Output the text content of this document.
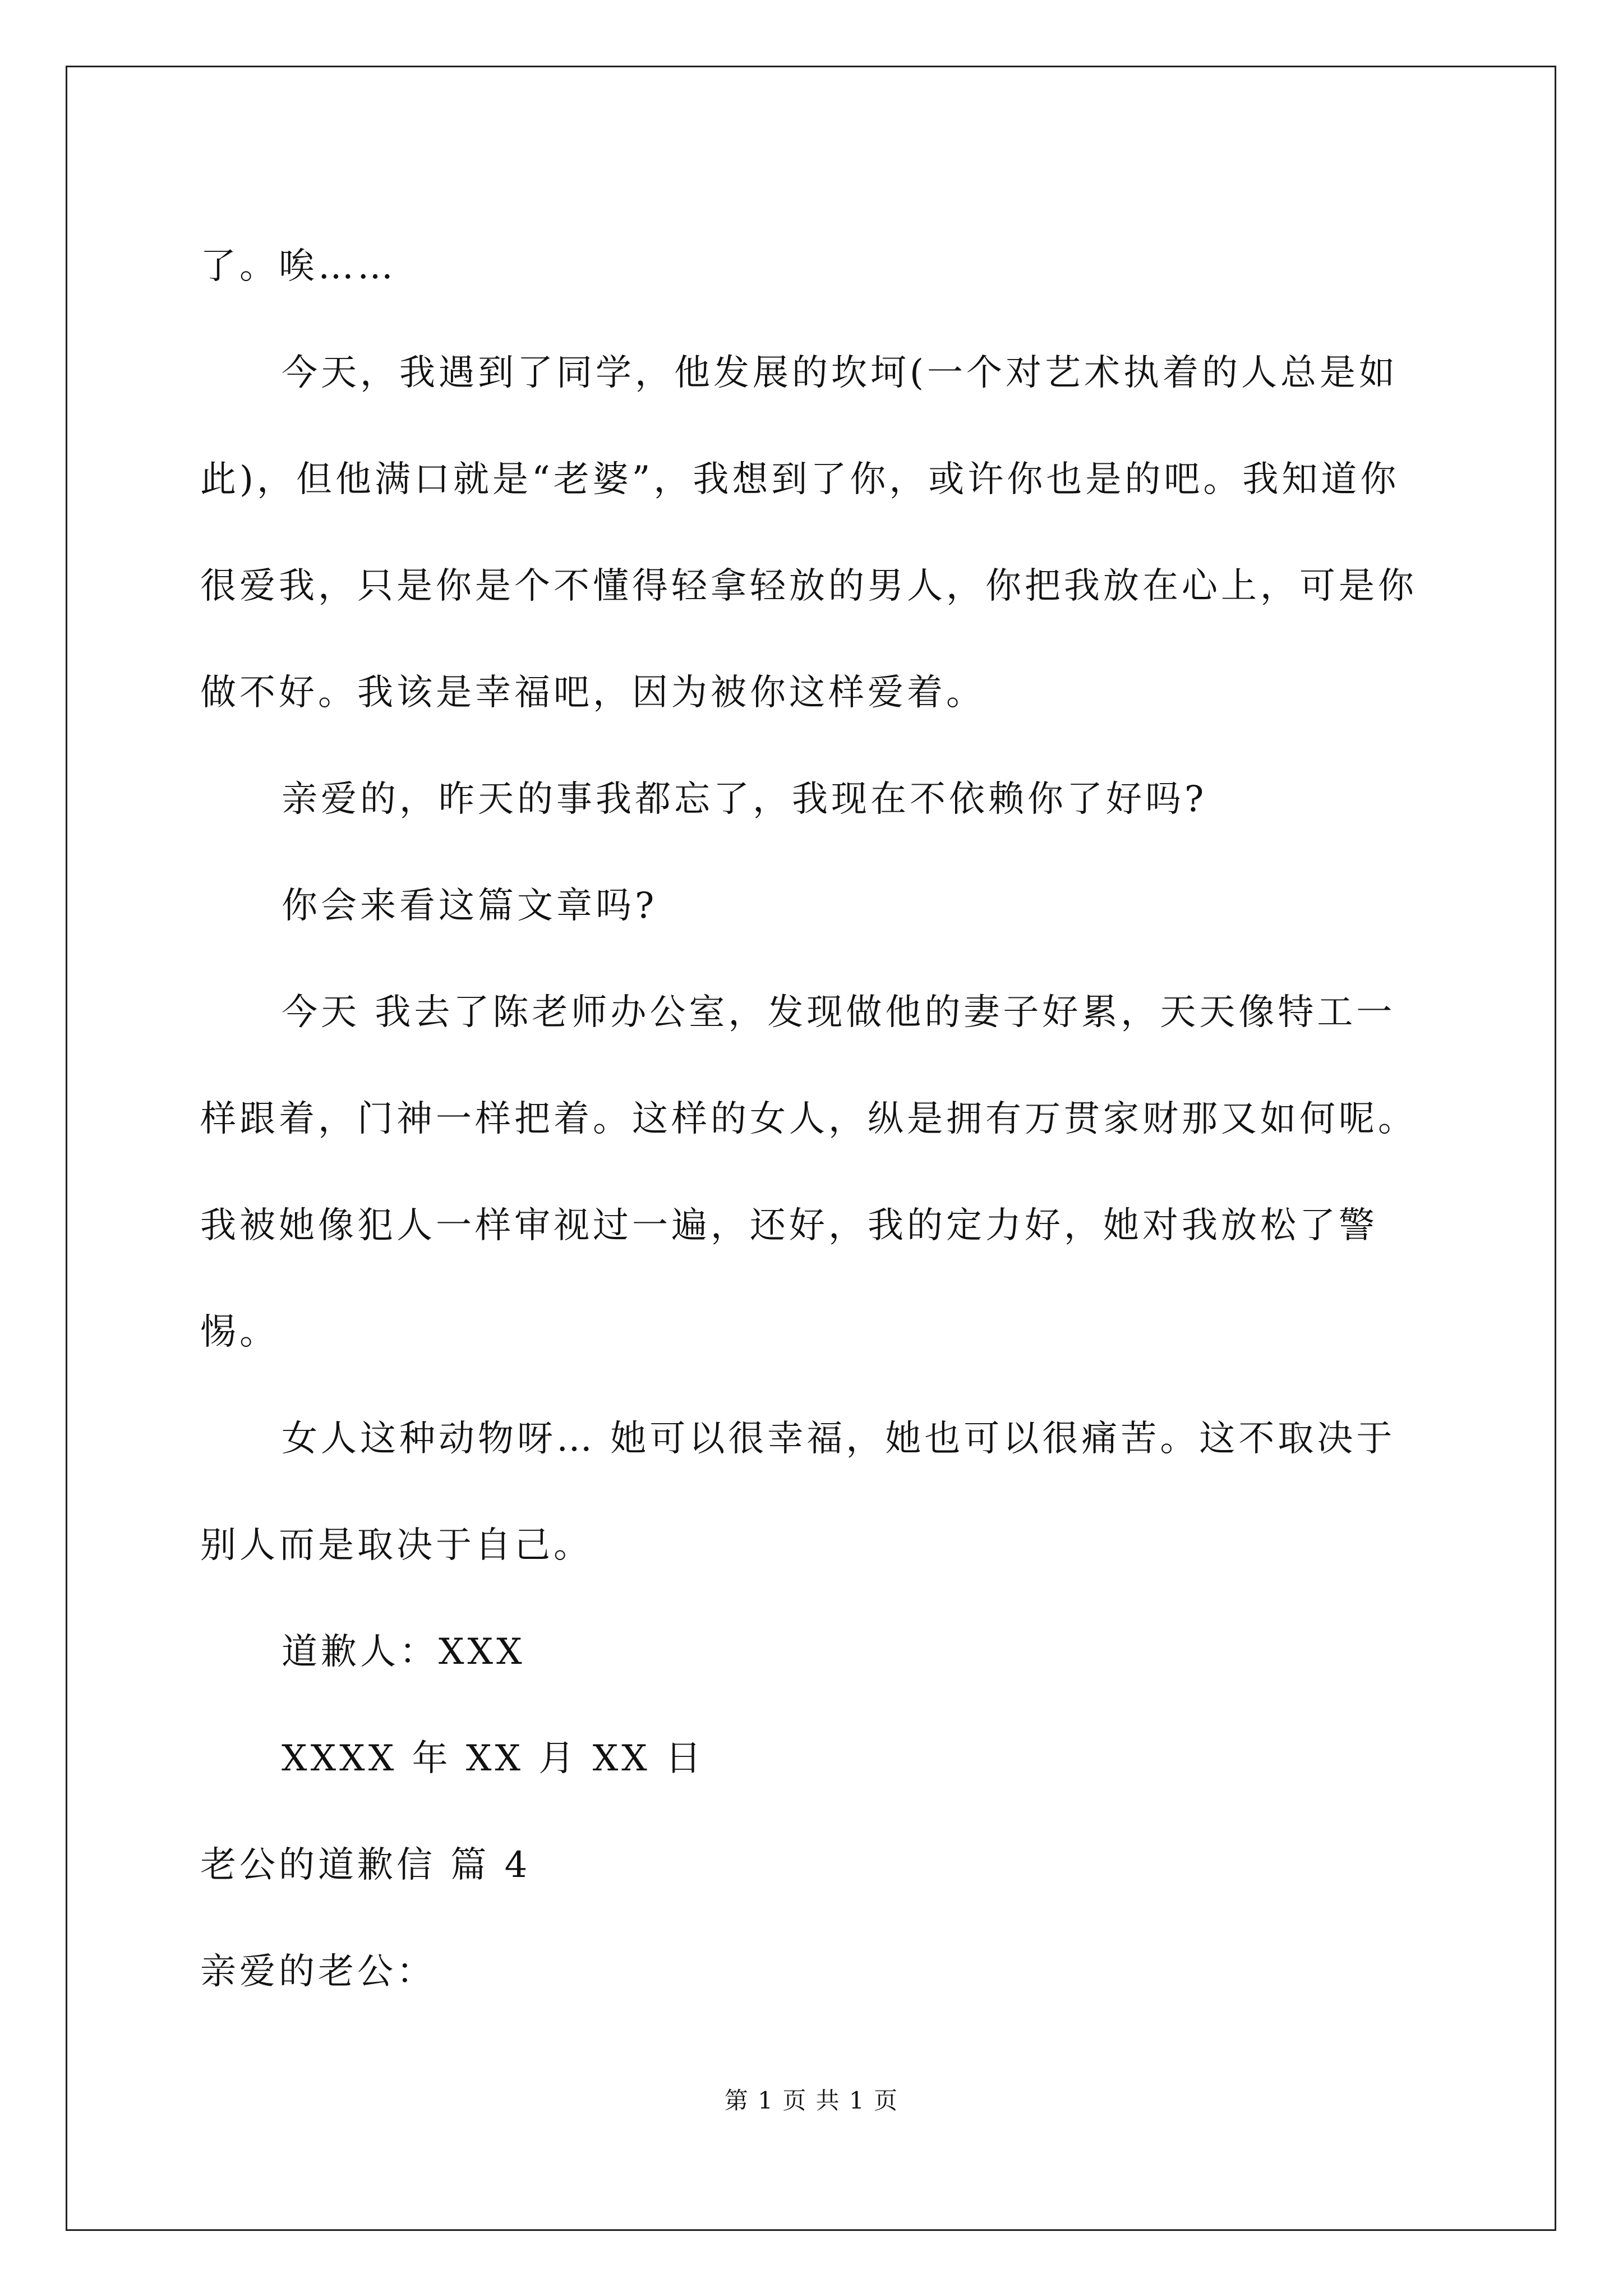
了。唉……

今天，我遇到了同学，他发展的坎坷(一个对艺术执着的人总是如此)，但他满口就是“老婆”，我想到了你，或许你也是的吧。我知道你很爱我，只是你是个不懂得轻拿轻放的男人，你把我放在心上，可是你做不好。我该是幸福吧，因为被你这样爱着。

亲爱的，昨天的事我都忘了，我现在不依赖你了好吗?

你会来看这篇文章吗?

今天 我去了陈老师办公室，发现做他的妻子好累，天天像特工一样跟着，门神一样把着。这样的女人，纵是拥有万贯家财那又如何呢。我被她像犯人一样审视过一遍，还好，我的定力好，她对我放松了警惕。

女人这种动物呀… 她可以很幸福，她也可以很痛苦。这不取决于别人而是取决于自己。

道歉人：XXX

XXXX 年 XX 月 XX 日

老公的道歉信 篇 4

亲爱的老公：

第 1 页 共 1 页
